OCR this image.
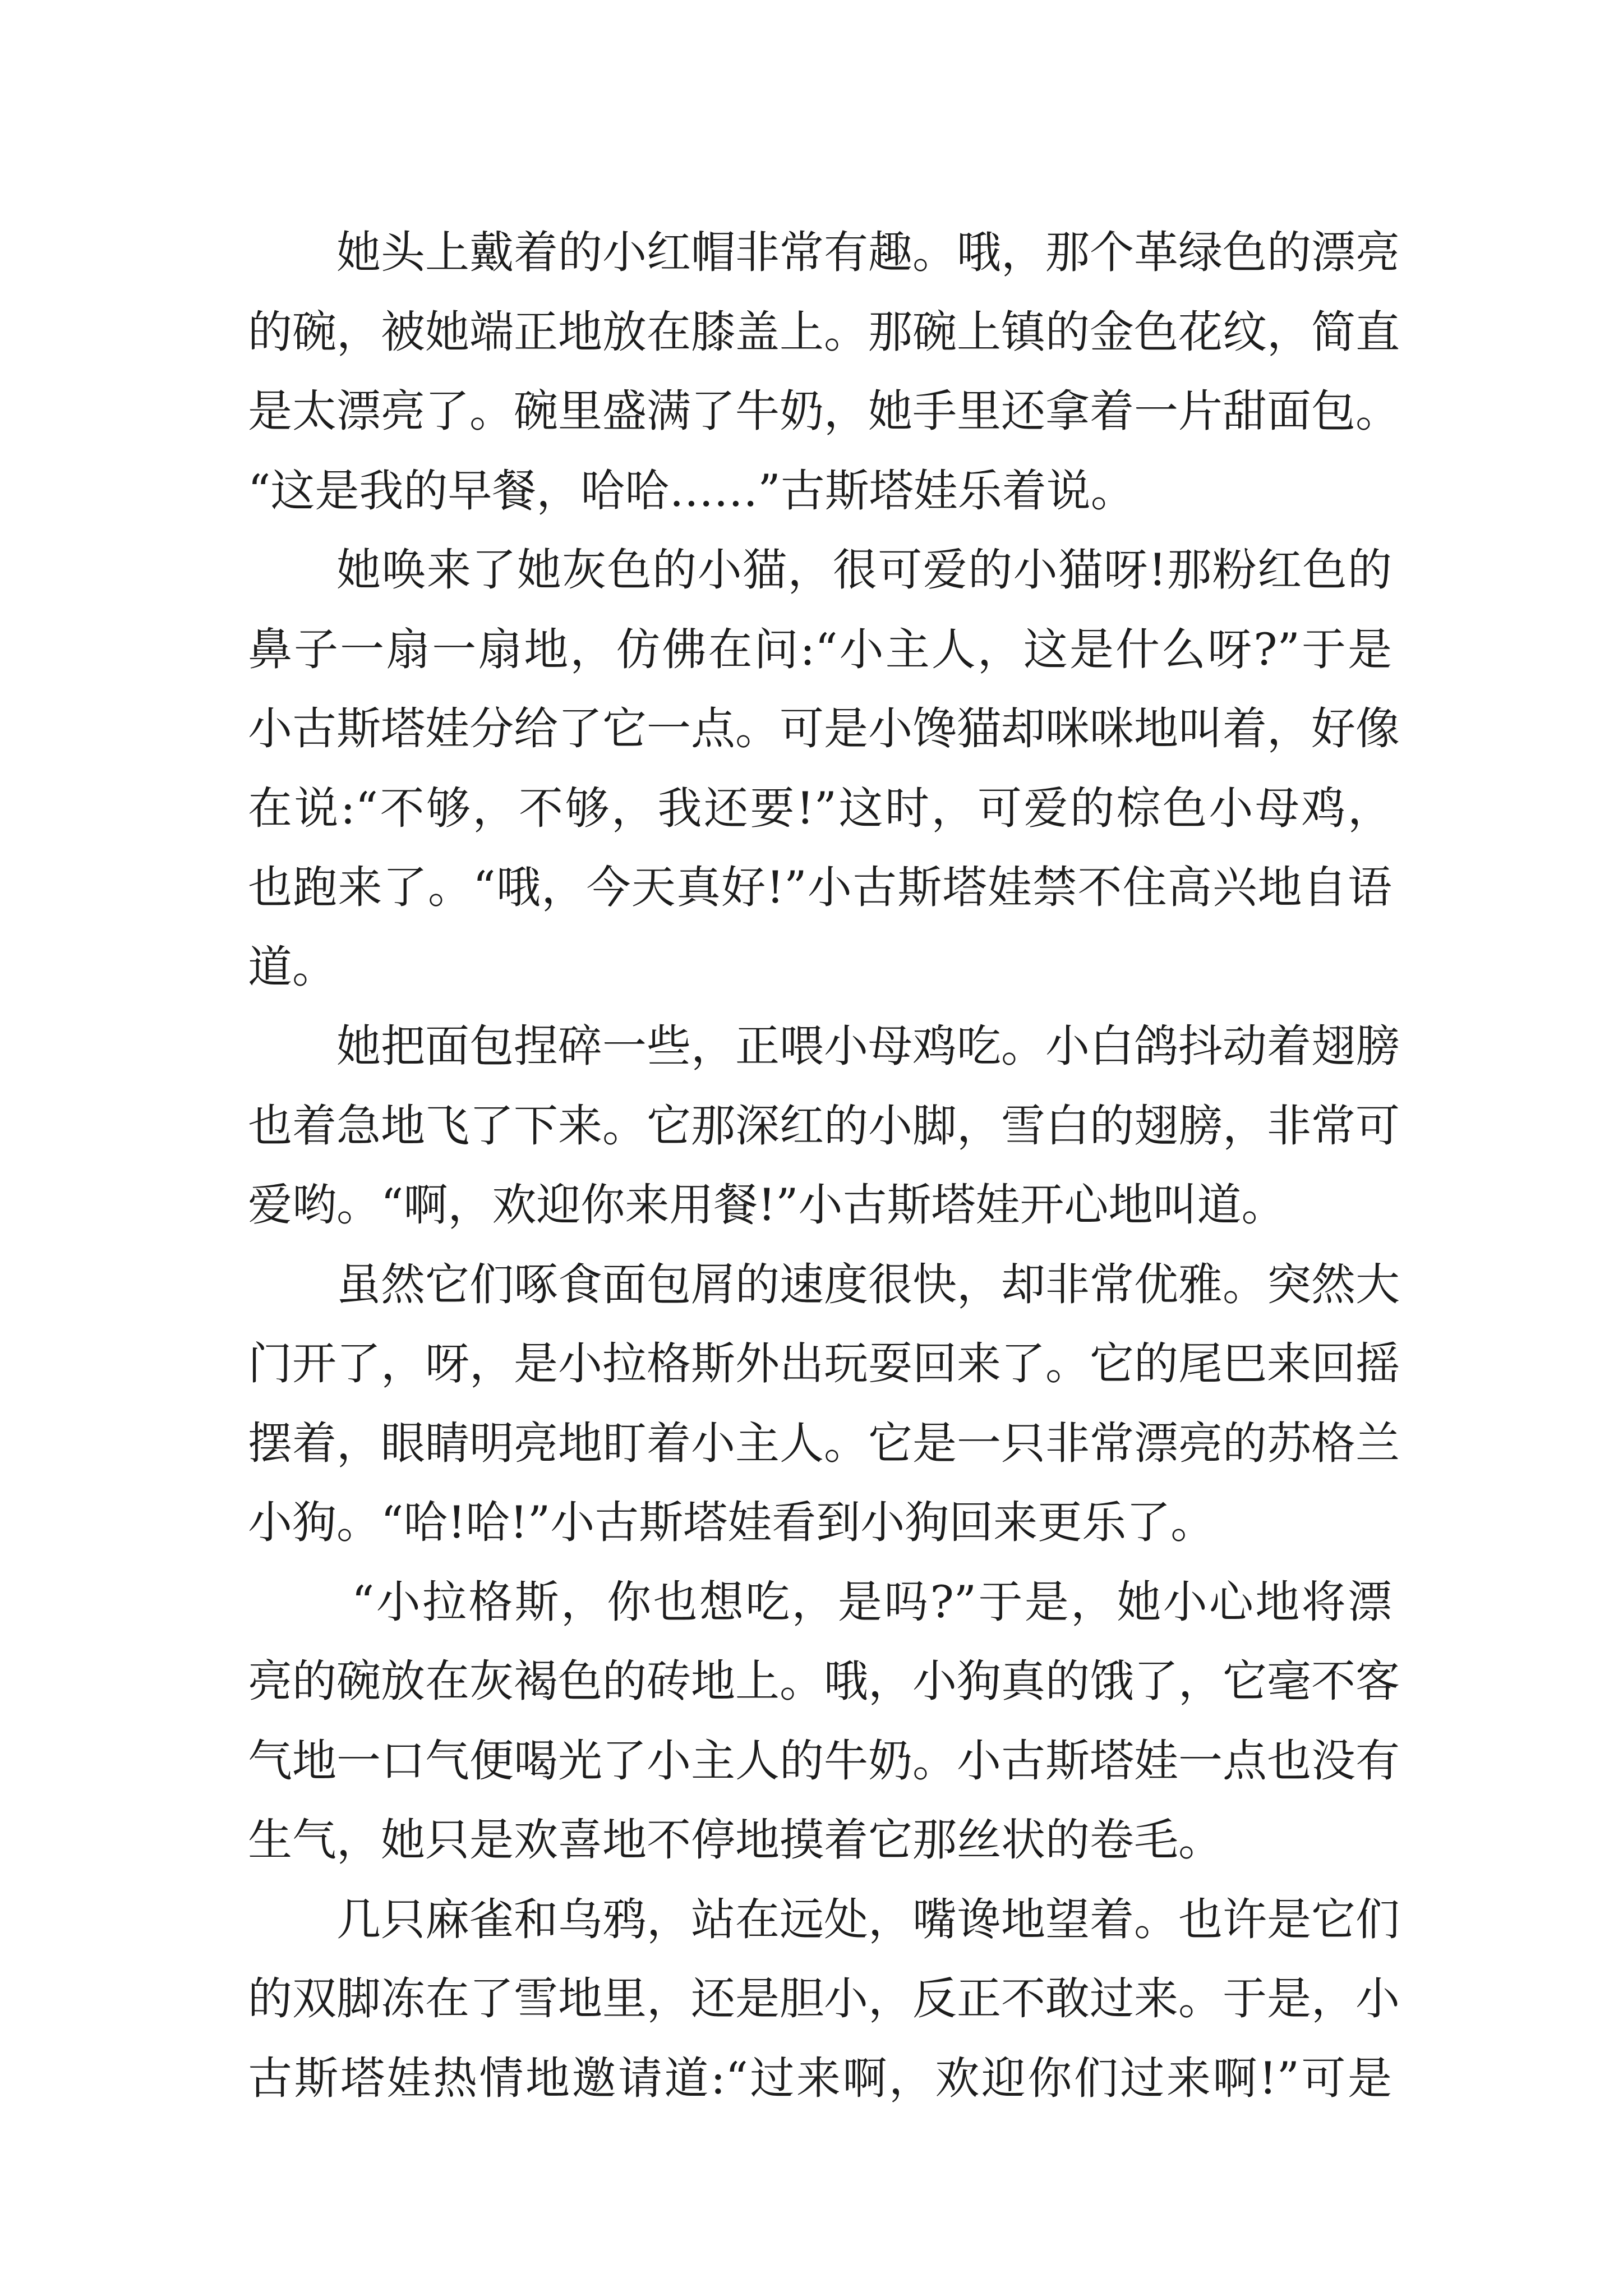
她头上戴着的小红帽非常有趣。哦，那个革绿色的漂亮
的碗，被她端正地放在膝盖上。那碗上镇的金色花纹，简直
是太漂亮了。碗里盛满了牛奶，她手里还拿着一片甜面包。
“这是我的早餐，哈哈……”古斯塔娃乐着说。
她唤来了她灰色的小猫，很可爱的小猫呀!那粉红色的
鼻子一扇一扇地，仿佛在问:“小主人，这是什么呀?”于是
小古斯塔娃分给了它一点。可是小馋猫却咪咪地叫着，好像
在说:“不够，不够，我还要!”这时，可爱的棕色小母鸡，
也跑来了。“哦，今天真好!”小古斯塔娃禁不住高兴地自语
道。
她把面包捏碎一些，正喂小母鸡吃。小白鸽抖动着翅膀
也着急地飞了下来。它那深红的小脚，雪白的翅膀，非常可
爱哟。“啊，欢迎你来用餐!”小古斯塔娃开心地叫道。
虽然它们啄食面包屑的速度很快，却非常优雅。突然大
门开了，呀，是小拉格斯外出玩耍回来了。它的尾巴来回摇
摆着，眼睛明亮地盯着小主人。它是一只非常漂亮的苏格兰
小狗。“哈!哈!”小古斯塔娃看到小狗回来更乐了。
“小拉格斯，你也想吃，是吗?”于是，她小心地将漂
亮的碗放在灰褐色的砖地上。哦，小狗真的饿了，它毫不客
气地一口气便喝光了小主人的牛奶。小古斯塔娃一点也没有
生气，她只是欢喜地不停地摸着它那丝状的卷毛。
几只麻雀和乌鸦，站在远处，嘴谗地望着。也许是它们
的双脚冻在了雪地里，还是胆小，反正不敢过来。于是，小
古斯塔娃热情地邀请道:“过来啊，欢迎你们过来啊!”可是
